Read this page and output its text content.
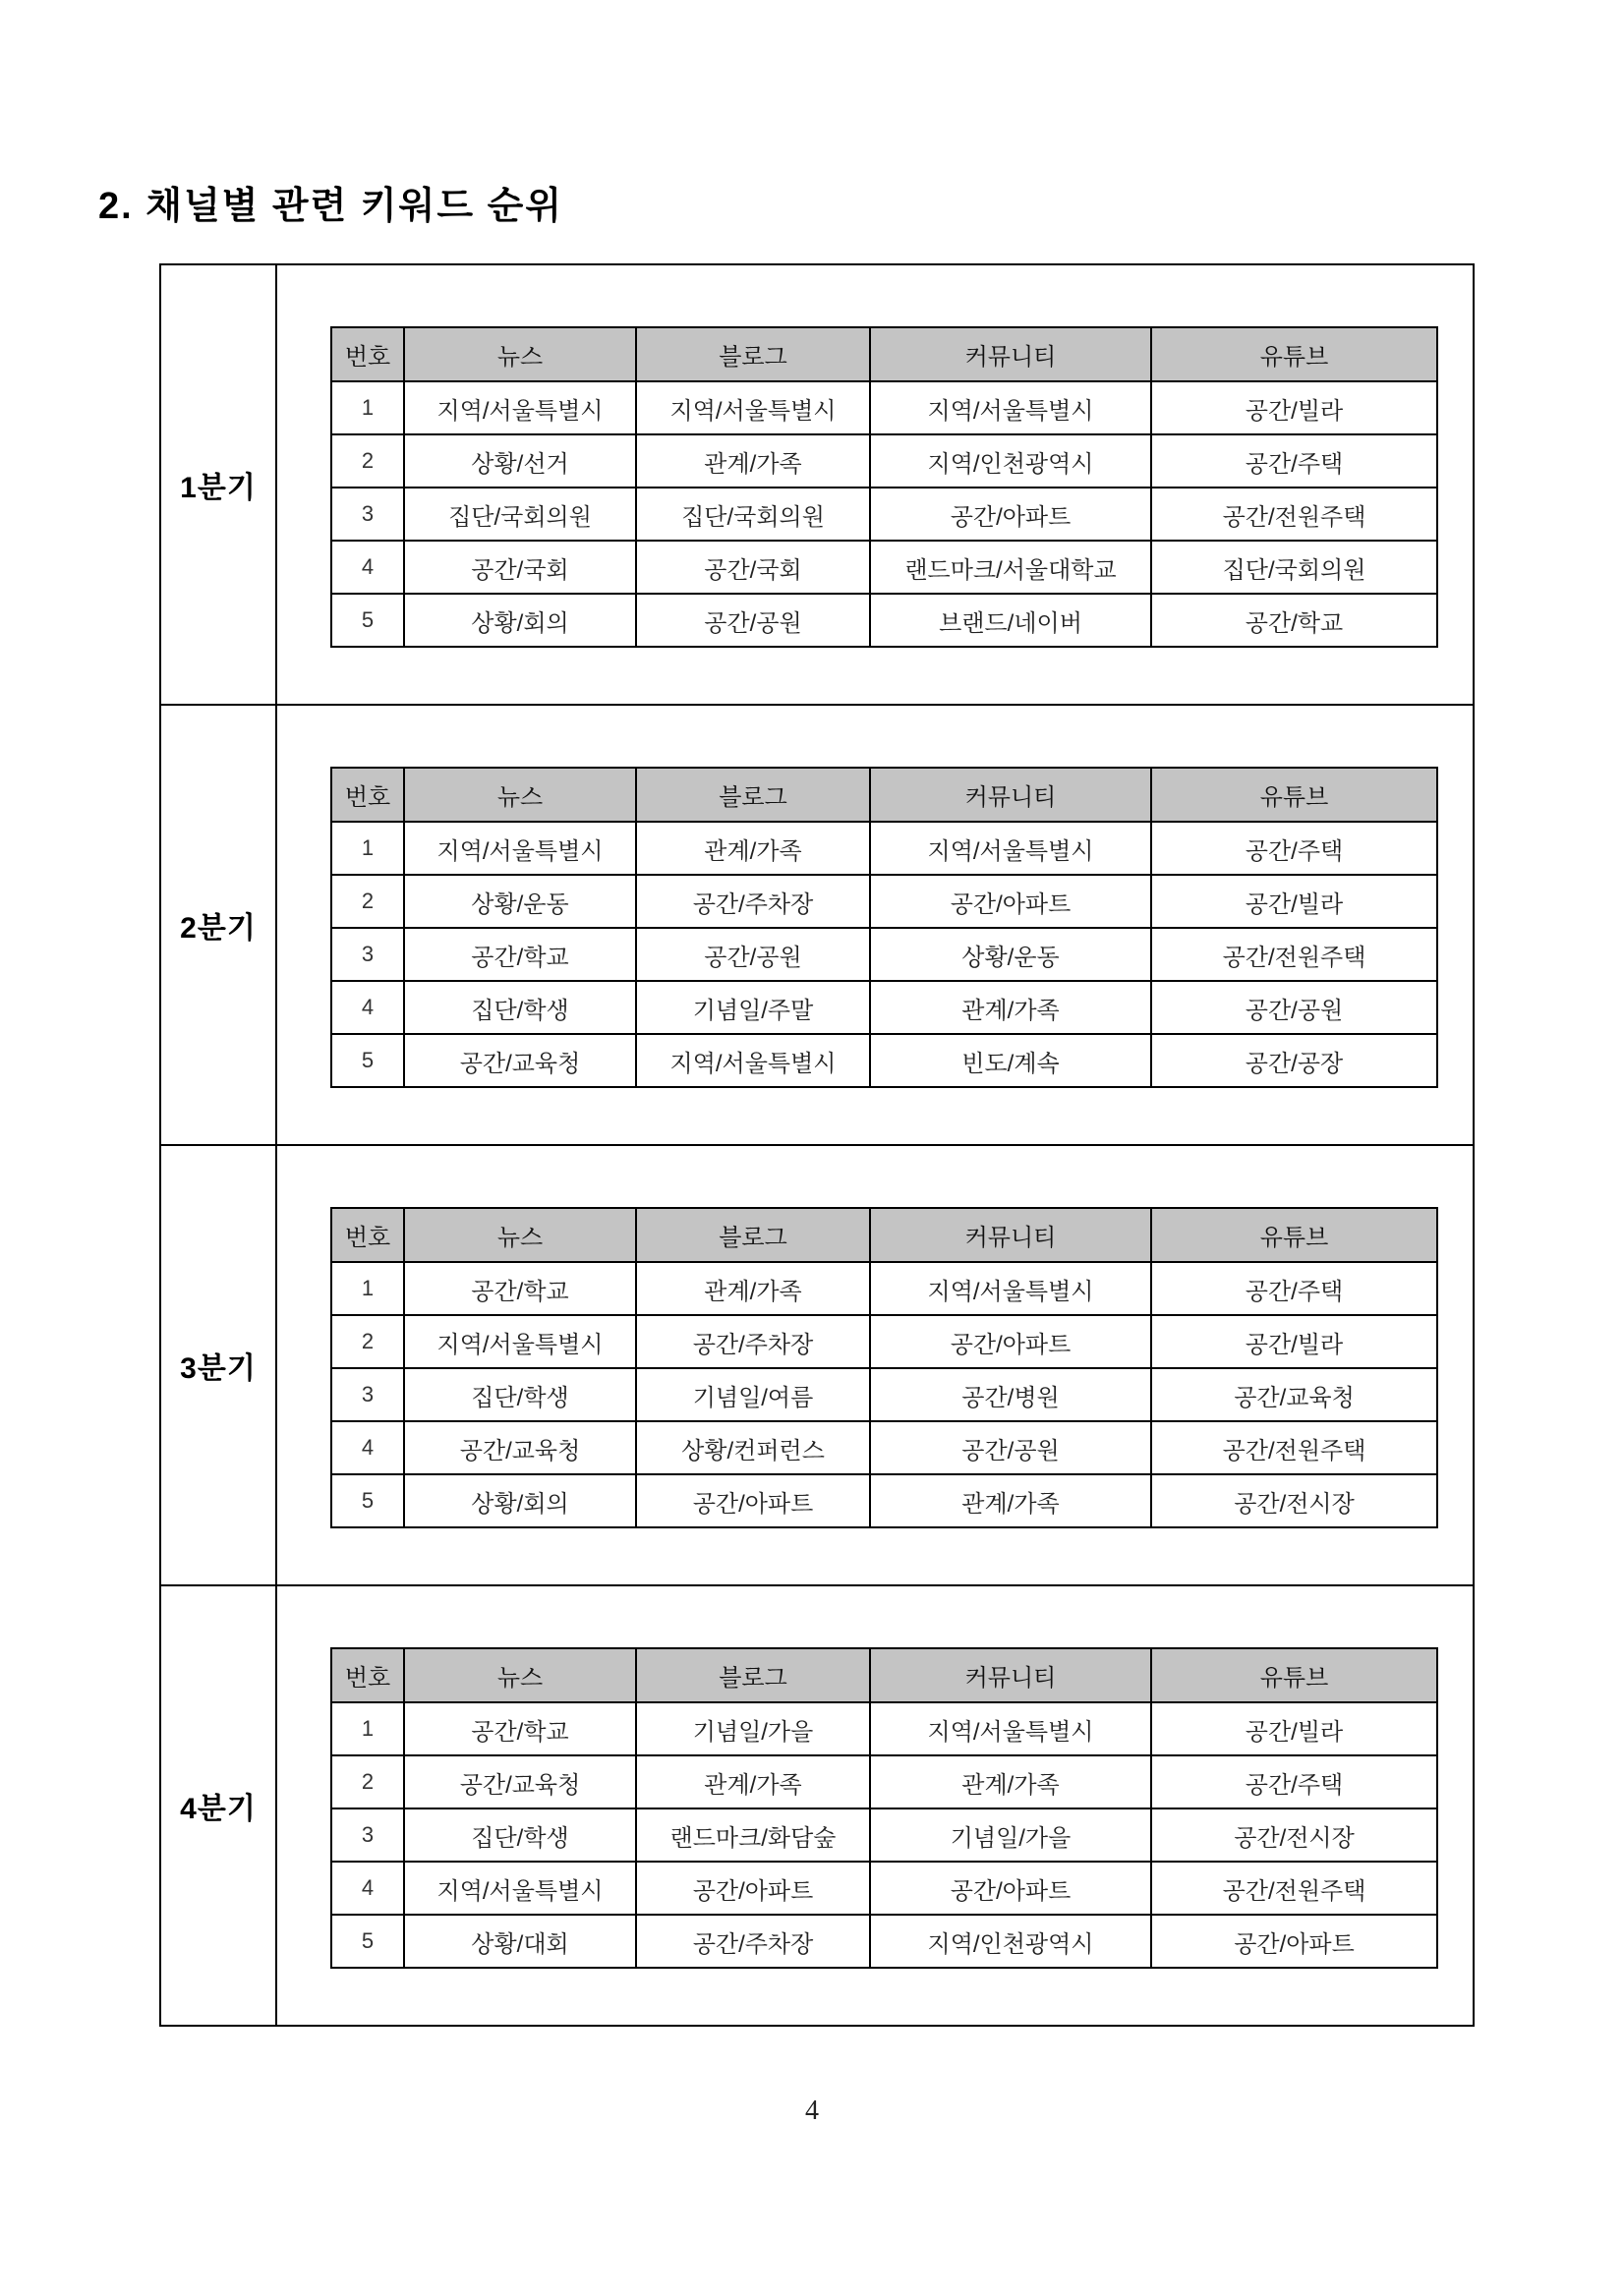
2. 채널별 관련 키워드 순위
1분기
번호	뉴스	블로그	커뮤니티	유튜브
1	지역/서울특별시	지역/서울특별시	지역/서울특별시	공간/빌라
2	상황/선거	관계/가족	지역/인천광역시	공간/주택
3	집단/국회의원	집단/국회의원	공간/아파트	공간/전원주택
4	공간/국회	공간/국회	랜드마크/서울대학교	집단/국회의원
5	상황/회의	공간/공원	브랜드/네이버	공간/학교
2분기
번호	뉴스	블로그	커뮤니티	유튜브
1	지역/서울특별시	관계/가족	지역/서울특별시	공간/주택
2	상황/운동	공간/주차장	공간/아파트	공간/빌라
3	공간/학교	공간/공원	상황/운동	공간/전원주택
4	집단/학생	기념일/주말	관계/가족	공간/공원
5	공간/교육청	지역/서울특별시	빈도/계속	공간/공장
3분기
번호	뉴스	블로그	커뮤니티	유튜브
1	공간/학교	관계/가족	지역/서울특별시	공간/주택
2	지역/서울특별시	공간/주차장	공간/아파트	공간/빌라
3	집단/학생	기념일/여름	공간/병원	공간/교육청
4	공간/교육청	상황/컨퍼런스	공간/공원	공간/전원주택
5	상황/회의	공간/아파트	관계/가족	공간/전시장
4분기
번호	뉴스	블로그	커뮤니티	유튜브
1	공간/학교	기념일/가을	지역/서울특별시	공간/빌라
2	공간/교육청	관계/가족	관계/가족	공간/주택
3	집단/학생	랜드마크/화담숲	기념일/가을	공간/전시장
4	지역/서울특별시	공간/아파트	공간/아파트	공간/전원주택
5	상황/대회	공간/주차장	지역/인천광역시	공간/아파트
4
